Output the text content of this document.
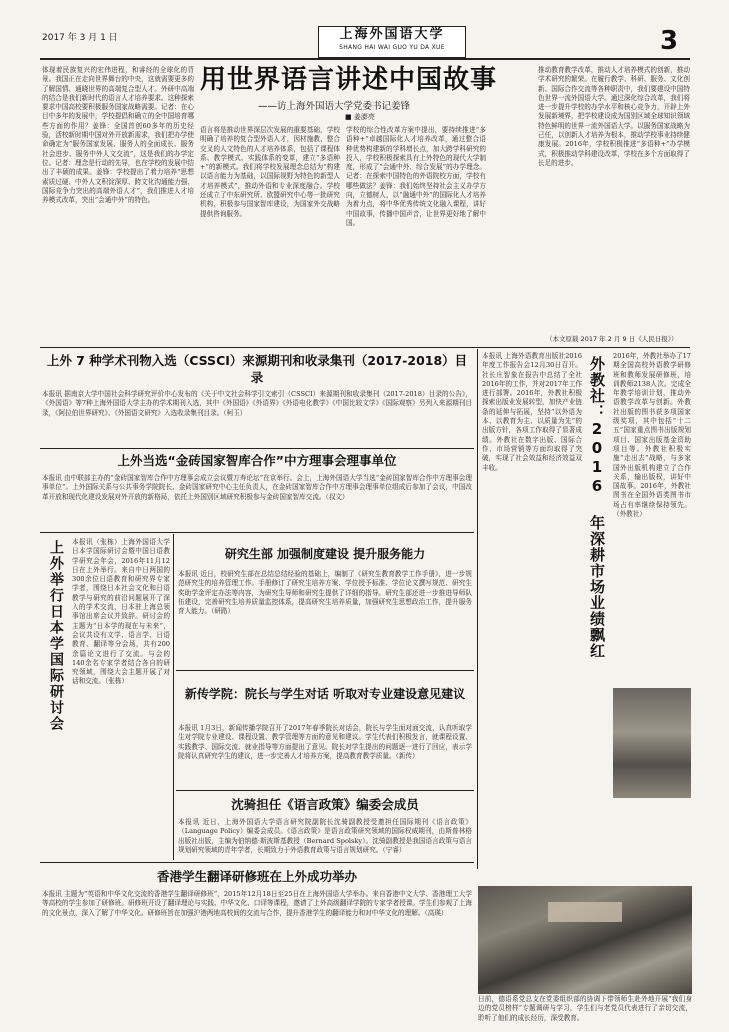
2017 年 3 月 1 日	上海外国语大学
SHANG HAI WAI GUO YU DA XUE	3
用世界语言讲述中国故事
——访上海外国语大学党委书记姜锋
■ 姜澎亮
体现着民族复兴的宏伟进程，和睿经的全球化的背景。我国正在走向世界舞台的中央，这就需要更多的了解国情、通晓世界的高端复合型人才。外研中高端的结合是我们新时代的语言人才培养要求。这种探索要求中国高校要积极服务国家战略需要。记者：在心目中多年的发展中，学校提倡和确立的全中国培育哪些方面的作用？姜锋：全国首创60多年的历史经验，活校新时期中国对外开放新需求，我们把办学使命确定为“服务国家发展、服务人的全面成长、服务社会进步、服务中外人文交流”，这是我们的办学定位。记者：理念是行动的先导，也在学校的发展中结出了丰硕的成果。姜锋：学校提出了着力培养“思想素质过硬、中外人文积淀深厚、跨文化沟通能力强、国际竞争力突出的高端外语人才”，我们推进人才培养模式改革，突出“会通中外”的特色。
语言将是推动世界深层次发展的重要基础，学校明确了培养的复合型外语人才，因材施教、整合交叉的人文特色的人才培养体系，包括了课程体系、教学模式、实践体系的变革，建立“多语种+”的新模式。我们将学校发展理念总结为“构建以语言能力为基础，以国际视野为特色的新型人才培养模式”，推动外语和专业深度融合。学校还成立了中东研究所、欧盟研究中心等一批研究机构，积极参与国家智库建设，为国家外交战略提供咨询服务。
学校的综合性改革方案中提出，要持续推进“多语种+”卓越国际化人才培养改革，通过整合语种优势构建新的学科增长点，加大跨学科研究的投入，学校积极探索具有上外特色的现代大学制度，形成了“会通中外、综合发展”的办学理念。记者：在探索中国特色的外语院校方面，学校有哪些做法？姜锋：我们始终坚持社会主义办学方向，立德树人，以“融通中外”的国际化人才培养为着力点，将中华优秀传统文化融入课程，讲好中国故事，传播中国声音，让世界更好地了解中国。
推动教育教学改革，推动人才培养模式的创新，推动学术研究的繁荣。在履行教学、科研、服务、文化创新、国际合作交流等各种职责中，我们要建设中国特色世界一流外国语大学。通过深化综合改革，我们将进一步提升学校的办学水平和核心竞争力，开辟上外发展新境界，把学校建设成为国别区域全球知识领域特色鲜明的世界一流外国语大学。以服务国家战略为己任，以创新人才培养为根本，推动学校事业持续健康发展。2016年，学校积极推进“多语种+”办学模式，积极推动学科建设改革，学校在多个方面取得了长足的进步。
（本文原载 2017 年 2 月 9 日《人民日报》）
上外 7 种学术刊物入选（CSSCI）来源期刊和收录集刊（2017-2018）目录
本报讯 据南京大学中国社会科学研究评价中心发布的《关于中文社会科学引文索引（CSSCI）来源期刊和收录集刊（2017-2018）目录的公告》，《外国语》等7种上海外国语大学主办的学术期刊入选，其中《外国语》《外语界》《外语电化教学》《中国比较文学》《国际观察》另列入来源期刊目录，《阿拉伯世界研究》、《外国语文研究》入选收录集刊目录。（柯玉）
上外当选“金砖国家智库合作”中方理事会理事单位
本报讯 由中联部主办的“金砖国家智库合作中方理事会成立会议暨万寿论坛”在京举行。会上，上海外国语大学当选“金砖国家智库合作中方理事会理事单位”。上外国际关系与公共事务学院院长、金砖国家研究中心主任负责人，在金砖国家智库合作中方理事会理事单位组成后参加了会议，中国改革开放和现代化建设发展对外开放的新格局，依托上外国别区域研究积极参与金砖国家智库交流。（叔文）
上外举行日本学国际研讨会	本报讯（张栋）上海外国语大学日本学国际研讨会暨中国日语教学研究会年会，2016年11月12日在上外举行。来自中日两国的300余位日语教育和研究界专家学者，围绕日本社会文化和日语教学与研究的前沿问题展开了深入的学术交流，日本驻上海总领事馆出席会议并致辞。研讨会的主题为“日本学的现在与未来”，会议共设有文学、语言学、日语教育、翻译等分会场，共有200余篇论文进行了交流。与会的140余名专家学者结合各自的研究领域，围绕大会主题开展了对话和交流。（张栋）
研究生部 加强制度建设 提升服务能力
本报讯 近日，校研究生部在总结总结经验的基础上，编制了《研究生教育教学工作手册》，进一步规范研究生的培养管理工作。手册修订了研究生培养方案、学位授予标准、学位论文撰写规范、研究生奖助学金评定办法等内容，为研究生导师和研究生提供了详细的指导。研究生部还进一步推进导师队伍建设，完善研究生培养质量监控体系，提高研究生培养质量，加强研究生思想政治工作，提升服务育人能力。（研路）
新传学院：院长与学生对话 听取对专业建设意见建议
本报讯 1月3日，新闻传播学院召开了2017年春季院长对话会，院长与学生面对面交流，认真听取学生对学院专业建设、课程设置、教学管理等方面的意见和建议。学生代表们积极发言，就课程设置、实践教学、国际交流、就业指导等方面提出了意见。院长对学生提出的问题逐一进行了回应，表示学院将认真研究学生的建议，进一步完善人才培养方案，提高教育教学质量。（新传）
沈骑担任《语言政策》编委会成员
本报讯 近日，上海外国语大学语言研究院副院长沈骑副教授受邀担任国际期刊《语言政策》（Language Policy）编委会成员。《语言政策》是语言政策研究领域的国际权威期刊，由斯普林格出版社出版，主编为伯纳德·斯波斯基教授（Bernard Spolsky）。沈骑副教授是我国语言政策与语言规划研究领域的青年学者，长期致力于外语教育政策与语言规划研究。（宁睿）
香港学生翻译研修班在上外成功举办
本报讯 主题为“英语和中华文化交流的香港学生翻译研修班”，2015年12月18日至25日在上海外国语大学举办。来自香港中文大学、香港理工大学等高校的学生参加了研修班。研修班开设了翻译理论与实践、中华文化、口译等课程，邀请了上外高级翻译学院的专家学者授课。学生们参观了上海的文化景点，深入了解了中华文化。研修班旨在加强沪港两地高校间的交流与合作，提升香港学生的翻译能力和对中华文化的理解。（高瑛）
本报讯 上海外语教育出版社2016年度工作报告会12月30日召开。社长庄智象在报告中总结了全社2016年的工作，并对2017年工作进行部署。2016年，外教社积极探索出版业发展转型，加快产业链条的延伸与拓展，坚持“以外语为本、以教育为主、以质量为先”的出版方针，各项工作取得了显著成绩。外教社在数字出版、国际合作、市场营销等方面均取得了突破，实现了社会效益和经济效益双丰收。	外教社：2016 年深耕市场业绩飘红	2016年，外教社举办了17期全国高校外语教学研修班和教师发展研修班，培训教师2138人次。完成全年教学培训计划，推动外语教学改革与创新。外教社出版的图书获多项国家级奖项，其中包括“十二五”国家重点图书出版规划项目、国家出版基金资助项目等。外教社积极实施“走出去”战略，与多家国外出版机构建立了合作关系，输出版权，讲好中国故事。2016年，外教社图书在全国外语类图书市场占有率继续保持领先。（外教社）
日前，德语系党总支在党委组织部的协调下带领师生赴外地开展“我们身边的党员榜样”专题调研与学习，学生们与老党员代表进行了亲切交流，聆听了他们的成长经历，深受教育。
